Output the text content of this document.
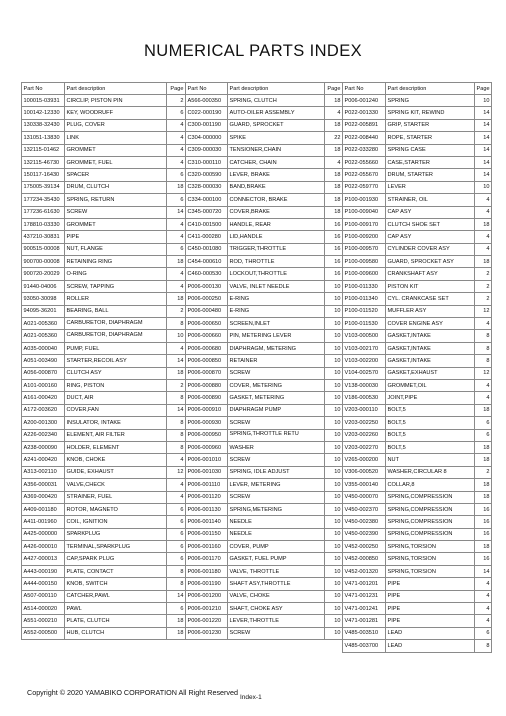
NUMERICAL PARTS INDEX
Part No	Part description	Page
100015-03931	CIRCLIP, PISTON PIN	2
100142-12330	KEY, WOODRUFF	6
130338-32430	PLUG, COVER	4
131051-13830	LINK	4
132115-01462	GROMMET	4
132115-46730	GROMMET, FUEL	4
150117-16430	SPACER	6
175005-39134	DRUM, CLUTCH	18
177234-35430	SPRING, RETURN	6
177236-61630	SCREW	14
178810-03330	GROMMET	4
437210-30831	PIPE	4
900515-00008	NUT, FLANGE	6
900700-00008	RETAINING RING	18
900720-20029	O-RING	4
91440-04006	SCREW, TAPPING	4
93050-30098	ROLLER	18
94095-36201	BEARING, BALL	2
A021-005360	CARBURETOR, DIAPHRAGM	8
A021-005360	CARBURETOR, DIAPHRAGM	10
A035-000040	PUMP, FUEL	4
A051-003490	STARTER,RECOIL ASY	14
A056-000870	CLUTCH ASY	18
A101-000160	RING, PISTON	2
A161-000420	DUCT, AIR	8
A172-003620	COVER,FAN	14
A200-001300	INSULATOR, INTAKE	8
A226-002340	ELEMENT, AIR FILTER	8
A238-000090	HOLDER, ELEMENT	8
A241-000420	KNOB, CHOKE	4
A313-002110	GUIDE, EXHAUST	12
A356-000031	VALVE,CHECK	4
A369-000420	STRAINER, FUEL	4
A409-001180	ROTOR, MAGNETO	6
A411-001960	COIL, IGNITION	6
A425-000000	SPARKPLUG	6
A426-000010	TERMINAL,SPARKPLUG	6
A427-000013	CAP,SPARK PLUG	6
A443-000190	PLATE, CONTACT	8
A444-000150	KNOB, SWITCH	8
A507-000110	CATCHER,PAWL	14
A514-000020	PAWL	6
A551-000210	PLATE, CLUTCH	18
A552-000500	HUB, CLUTCH	18
Part No	Part description	Page
A566-000350	SPRING, CLUTCH	18
C022-000190	AUTO-OILER ASSEMBLY	4
C300-001190	GUARD, SPROCKET	18
C304-000000	SPIKE	22
C309-000030	TENSIONER,CHAIN	18
C310-000110	CATCHER, CHAIN	4
C320-000590	LEVER, BRAKE	18
C328-000030	BAND,BRAKE	18
C334-000100	CONNECTOR, BRAKE	18
C345-000720	COVER,BRAKE	18
C410-001500	HANDLE, REAR	16
C411-000280	LID,HANDLE	16
C450-001080	TRIGGER,THROTTLE	16
C454-000610	ROD, THROTTLE	16
C460-000530	LOCKOUT,THROTTLE	16
P006-000130	VALVE, INLET NEEDLE	10
P006-000250	E-RING	10
P006-000480	E-RING	10
P006-000650	SCREEN,INLET	10
P006-000660	PIN, METERING LEVER	10
P006-000680	DIAPHRAGM, METERING	10
P006-000850	RETAINER	10
P006-000870	SCREW	10
P006-000880	COVER, METERING	10
P006-000890	GASKET, METERING	10
P006-000910	DIAPHRAGM PUMP	10
P006-000930	SCREW	10
P006-000950	SPRING,THROTTLE RETU	10
P006-000960	WASHER	10
P006-001010	SCREW	10
P006-001030	SPRING, IDLE ADJUST	10
P006-001110	LEVER, METERING	10
P006-001120	SCREW	10
P006-001130	SPRING,METERING	10
P006-001140	NEEDLE	10
P006-001150	NEEDLE	10
P006-001160	COVER, PUMP	10
P006-001170	GASKET, FUEL PUMP	10
P006-001180	VALVE, THROTTLE	10
P006-001190	SHAFT ASY,THROTTLE	10
P006-001200	VALVE, CHOKE	10
P006-001210	SHAFT, CHOKE ASY	10
P006-001220	LEVER,THROTTLE	10
P006-001230	SCREW	10
Part No	Part description	Page
P006-001240	SPRING	10
P022-001330	SPRING KIT, REWIND	14
P022-005891	GRIP, STARTER	14
P022-008440	ROPE, STARTER	14
P022-033280	SPRING CASE	14
P022-055660	CASE,STARTER	14
P022-055670	DRUM, STARTER	14
P022-059770	LEVER	10
P100-001930	STRAINER, OIL	4
P100-009040	CAP ASY	4
P100-009170	CLUTCH SHOE SET	18
P100-009200	CAP ASY	4
P100-009570	CYLINDER COVER ASY	4
P100-009580	GUARD, SPROCKET ASY	18
P100-009600	CRANKSHAFT ASY	2
P100-011330	PISTON KIT	2
P100-011340	CYL. CRANKCASE SET	2
P100-011520	MUFFLER ASY	12
P100-011530	COVER ENGINE ASY	4
V103-000500	GASKET,INTAKE	8
V103-002170	GASKET,INTAKE	8
V103-002200	GASKET,INTAKE	8
V104-002570	GASKET,EXHAUST	12
V138-000030	GROMMET,OIL	4
V186-000530	JOINT,PIPE	4
V203-000110	BOLT,5	18
V203-002250	BOLT,5	6
V203-002260	BOLT,5	6
V203-002270	BOLT,5	18
V265-000200	NUT	18
V306-000520	WASHER,CIRCULAR 8	2
V355-000140	COLLAR,8	18
V450-000070	SPRING,COMPRESSION	18
V450-002370	SPRING,COMPRESSION	16
V450-002380	SPRING,COMPRESSION	16
V450-002390	SPRING,COMPRESSION	16
V452-000250	SPRING,TORSION	18
V452-000850	SPRING,TORSION	16
V452-001320	SPRING,TORSION	14
V471-001201	PIPE	4
V471-001231	PIPE	4
V471-001241	PIPE	4
V471-001281	PIPE	4
V485-003510	LEAD	6
V485-003700	LEAD	8
Copyright © 2020 YAMABIKO CORPORATION All Right Reserved
Index-1
